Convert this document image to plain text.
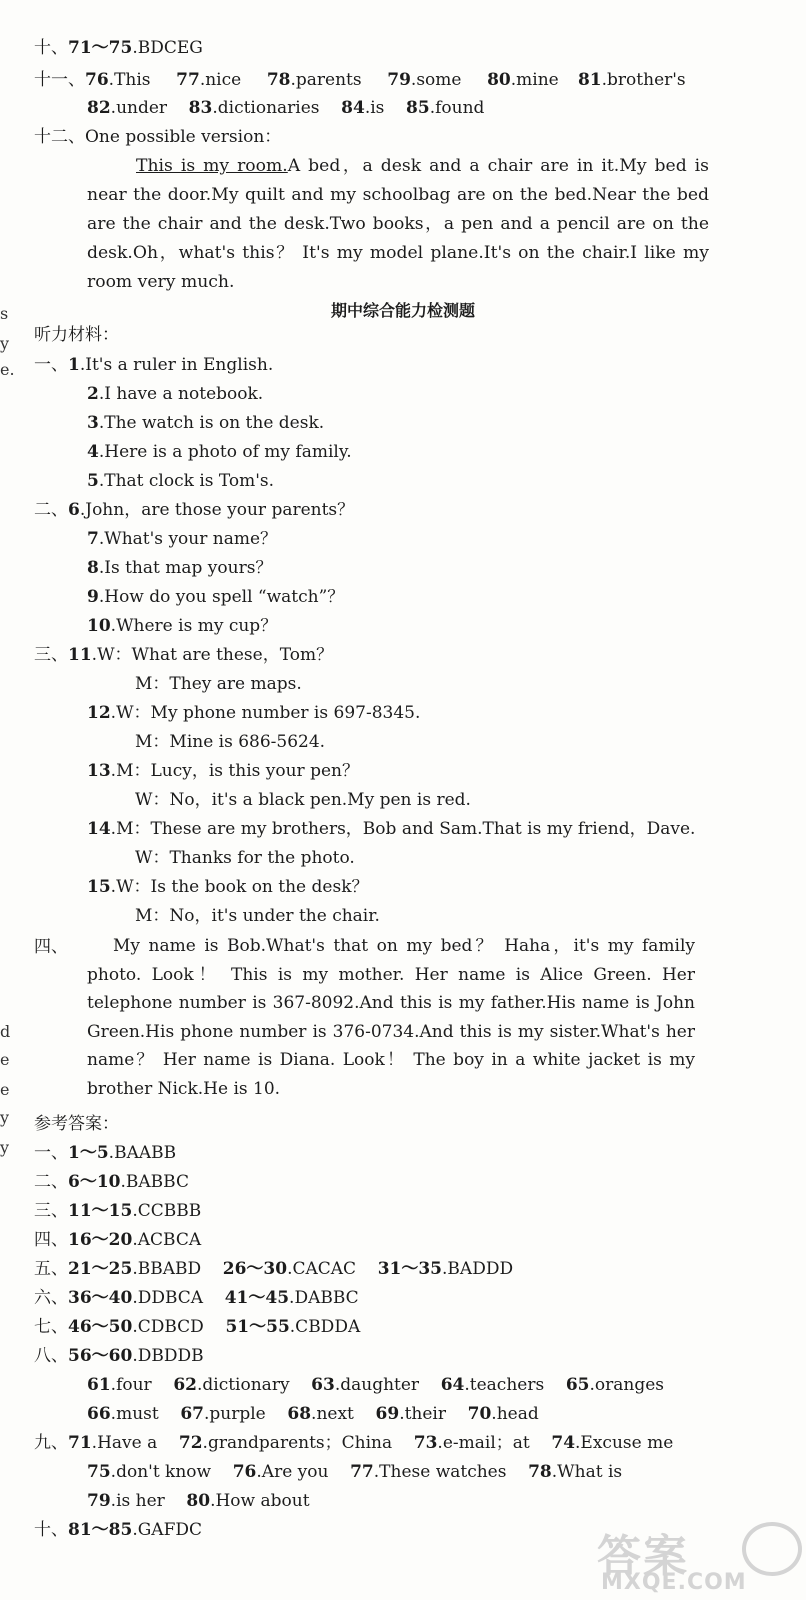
十、71～75.BDCEG
十一、76.This 77.nice 78.parents 79.some 80.mine 81.brother's
82.under 83.dictionaries 84.is 85.found
十二、One possible version：
This is my room.A bed，a desk and a chair are in it.My bed is near the door.My quilt and my schoolbag are on the bed.Near the bed are the chair and the desk.Two books，a pen and a pencil are on the desk.Oh，what's this？ It's my model plane.It's on the chair.I like my room very much.
期中综合能力检测题
听力材料：
一、1.It's a ruler in English.
2.I have a notebook.
3.The watch is on the desk.
4.Here is a photo of my family.
5.That clock is Tom's.
二、6.John，are those your parents？
7.What's your name？
8.Is that map yours？
9.How do you spell “watch”？
10.Where is my cup？
三、11.W：What are these，Tom？
M：They are maps.
12.W：My phone number is 697-8345.
M：Mine is 686-5624.
13.M：Lucy，is this your pen？
W：No，it's a black pen.My pen is red.
14.M：These are my brothers，Bob and Sam.That is my friend，Dave.
W：Thanks for the photo.
15.W：Is the book on the desk？
M：No，it's under the chair.
四、	My name is Bob.What's that on my bed？ Haha，it's my family photo. Look！ This is my mother. Her name is Alice Green. Her telephone number is 367-8092.And this is my father.His name is John Green.His phone number is 376-0734.And this is my sister.What's her name？ Her name is Diana. Look！ The boy in a white jacket is my brother Nick.He is 10.
参考答案：
一、1～5.BAABB
二、6～10.BABBC
三、11～15.CCBBB
四、16～20.ACBCA
五、21～25.BBABD 26～30.CACAC 31～35.BADDD
六、36～40.DDBCA 41～45.DABBC
七、46～50.CDBCD 51～55.CBDDA
八、56～60.DBDDB
61.four 62.dictionary 63.daughter 64.teachers 65.oranges
66.must 67.purple 68.next 69.their 70.head
九、71.Have a 72.grandparents；China 73.e-mail；at 74.Excuse me
75.don't know 76.Are you 77.These watches 78.What is
79.is her 80.How about
十、81～85.GAFDC
s
y
e.
d
e
e
y
y
答案
MXQE.COM
